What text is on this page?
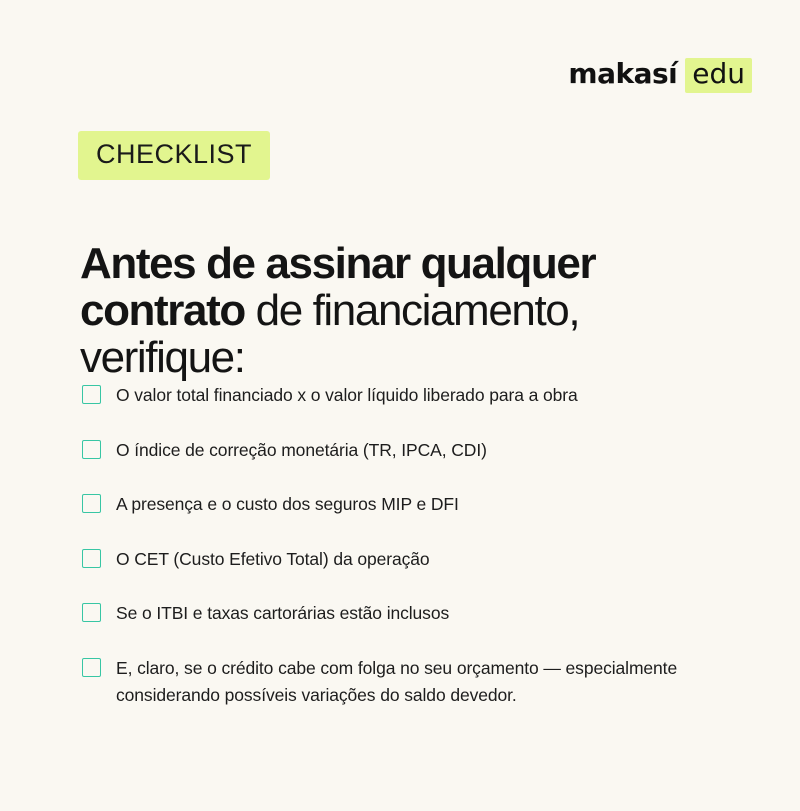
makasí edu
CHECKLIST
Antes de assinar qualquer
contrato de financiamento,
verifique:
O valor total financiado x o valor líquido liberado para a obra
O índice de correção monetária (TR, IPCA, CDI)
A presença e o custo dos seguros MIP e DFI
O CET (Custo Efetivo Total) da operação
Se o ITBI e taxas cartorárias estão inclusos
E, claro, se o crédito cabe com folga no seu orçamento — especialmente considerando possíveis variações do saldo devedor.
